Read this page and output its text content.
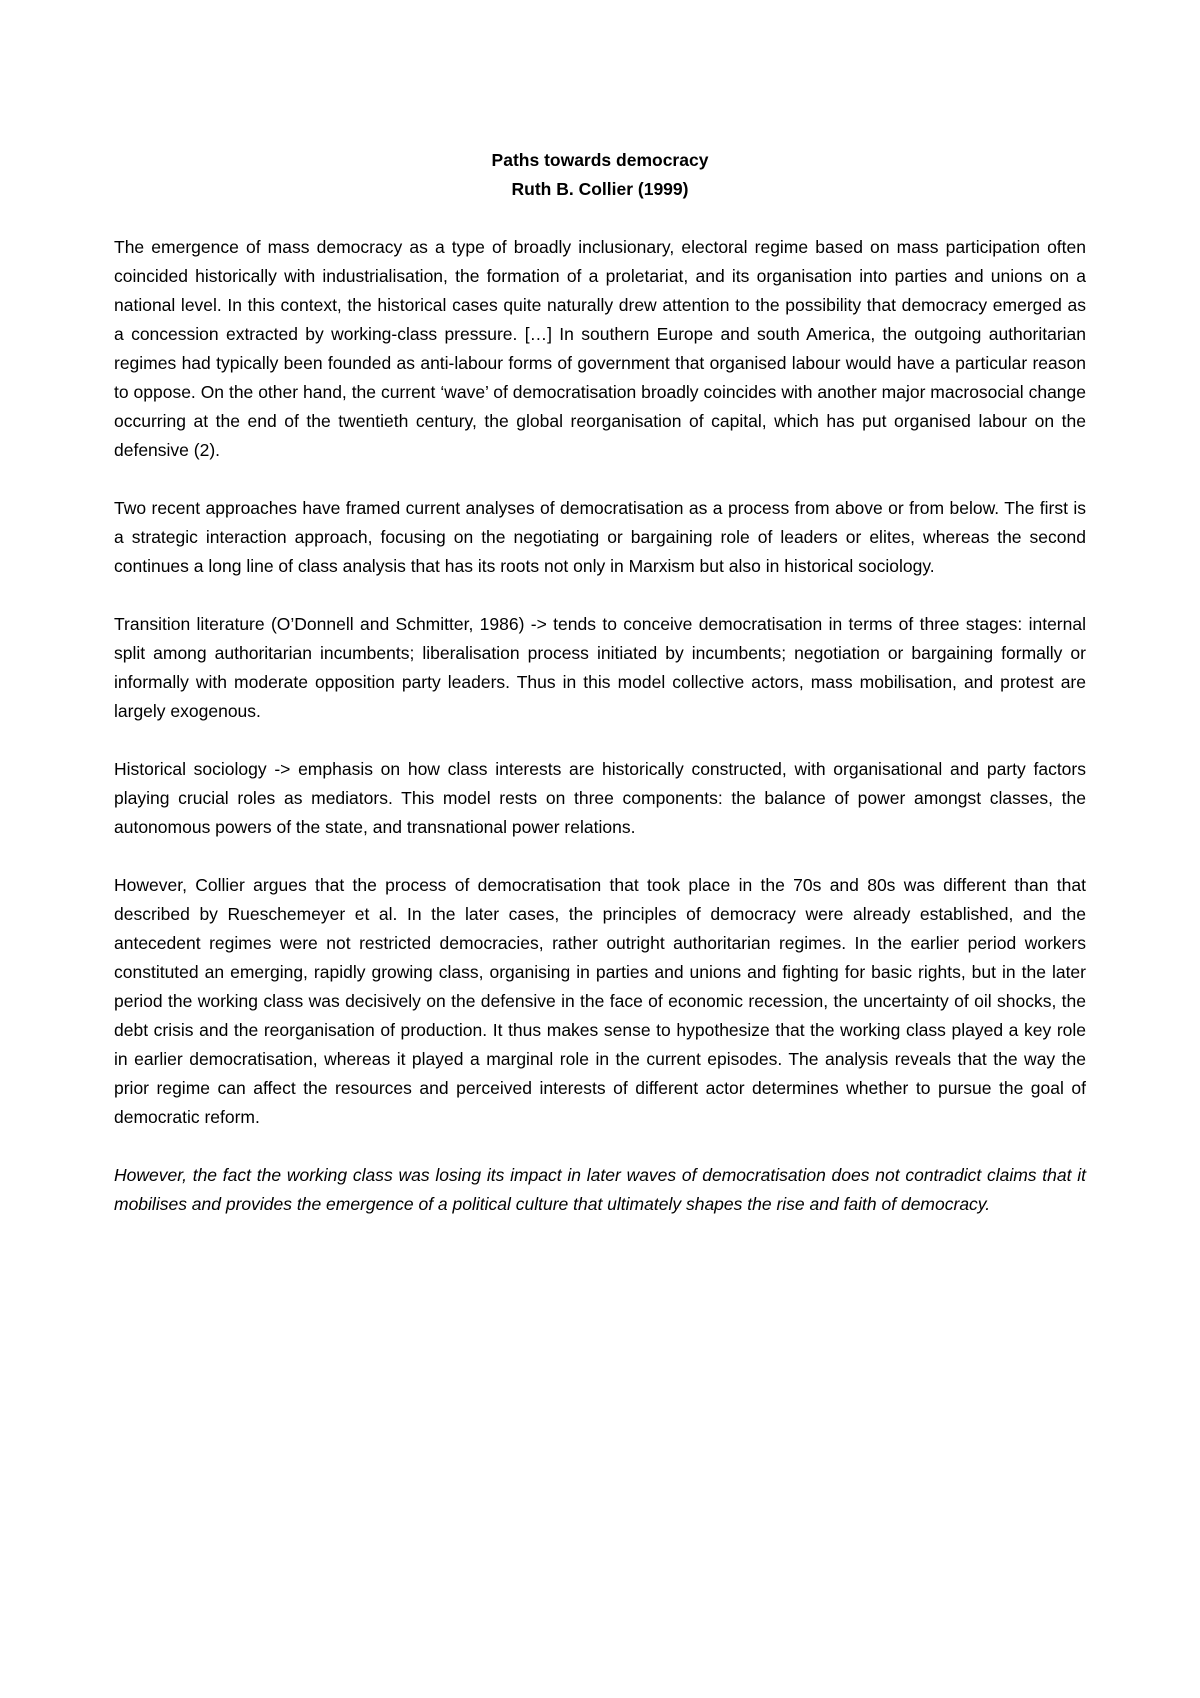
Paths towards democracy

Ruth B. Collier (1999)

The emergence of mass democracy as a type of broadly inclusionary, electoral regime based on mass participation often coincided historically with industrialisation, the formation of a proletariat, and its organisation into parties and unions on a national level. In this context, the historical cases quite naturally drew attention to the possibility that democracy emerged as a concession extracted by working-class pressure. […] In southern Europe and south America, the outgoing authoritarian regimes had typically been founded as anti-labour forms of government that organised labour would have a particular reason to oppose. On the other hand, the current ‘wave’ of democratisation broadly coincides with another major macrosocial change occurring at the end of the twentieth century, the global reorganisation of capital, which has put organised labour on the defensive (2).

Two recent approaches have framed current analyses of democratisation as a process from above or from below. The first is a strategic interaction approach, focusing on the negotiating or bargaining role of leaders or elites, whereas the second continues a long line of class analysis that has its roots not only in Marxism but also in historical sociology.

Transition literature (O’Donnell and Schmitter, 1986) -> tends to conceive democratisation in terms of three stages: internal split among authoritarian incumbents; liberalisation process initiated by incumbents; negotiation or bargaining formally or informally with moderate opposition party leaders. Thus in this model collective actors, mass mobilisation, and protest are largely exogenous.

Historical sociology -> emphasis on how class interests are historically constructed, with organisational and party factors playing crucial roles as mediators. This model rests on three components: the balance of power amongst classes, the autonomous powers of the state, and transnational power relations.

However, Collier argues that the process of democratisation that took place in the 70s and 80s was different than that described by Rueschemeyer et al. In the later cases, the principles of democracy were already established, and the antecedent regimes were not restricted democracies, rather outright authoritarian regimes. In the earlier period workers constituted an emerging, rapidly growing class, organising in parties and unions and fighting for basic rights, but in the later period the working class was decisively on the defensive in the face of economic recession, the uncertainty of oil shocks, the debt crisis and the reorganisation of production. It thus makes sense to hypothesize that the working class played a key role in earlier democratisation, whereas it played a marginal role in the current episodes. The analysis reveals that the way the prior regime can affect the resources and perceived interests of different actor determines whether to pursue the goal of democratic reform.

However, the fact the working class was losing its impact in later waves of democratisation does not contradict claims that it mobilises and provides the emergence of a political culture that ultimately shapes the rise and faith of democracy.
